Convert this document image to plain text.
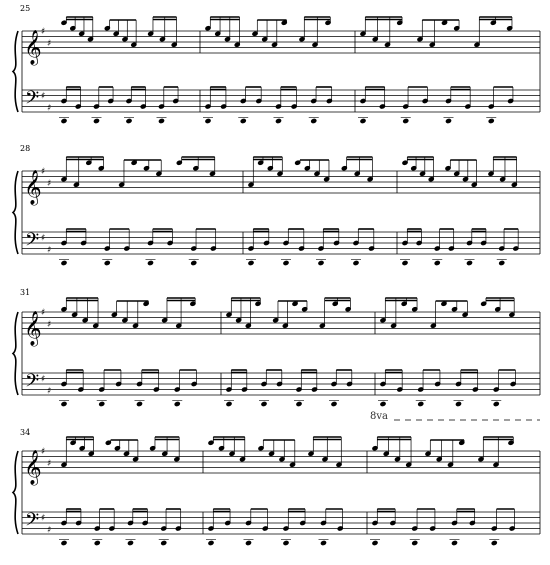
𝄞
𝄢
♯
♯
♯
♯
𝄞
𝄢
♯
♯
♯
♯
𝄞
𝄢
♯
♯
♯
♯
𝄞
𝄢
♯
♯
♯
♯
25
28
31
34
8va
